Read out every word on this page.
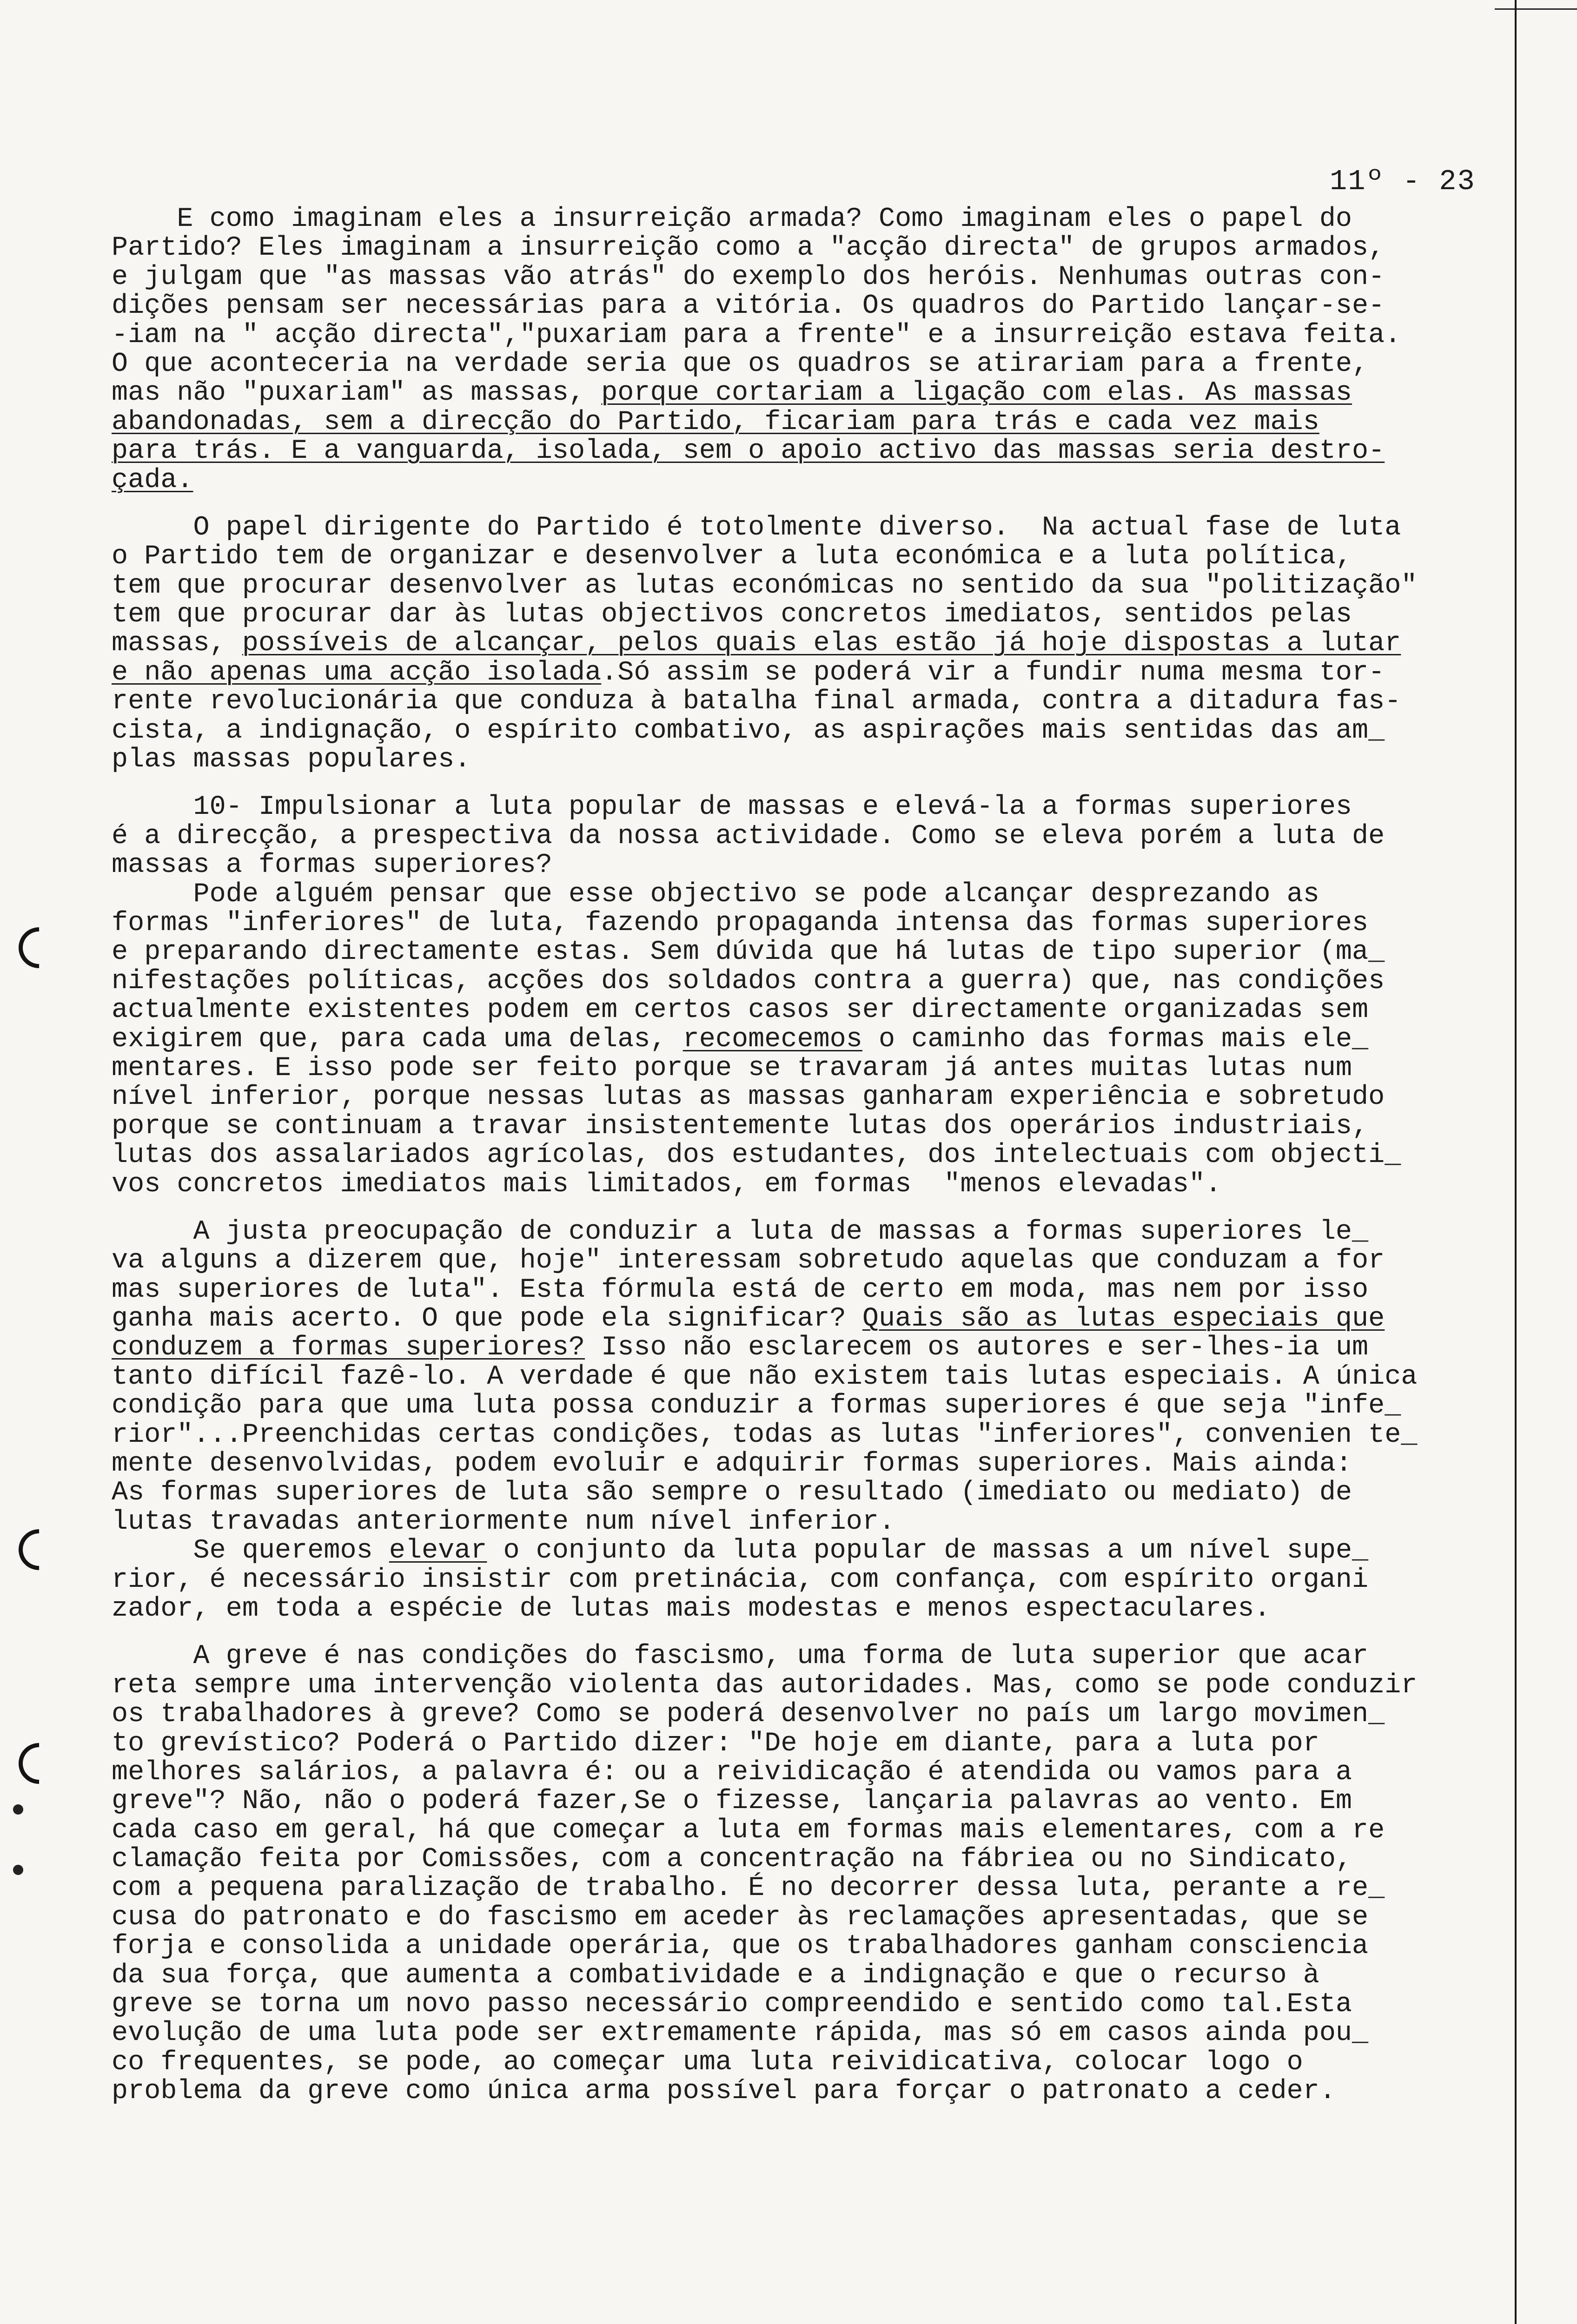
11º - 23
E como imaginam eles a insurreição armada? Como imaginam eles o papel do
Partido? Eles imaginam a insurreição como a "acção directa" de grupos armados,
e julgam que "as massas vão atrás" do exemplo dos heróis. Nenhumas outras con-
dições pensam ser necessárias para a vitória. Os quadros do Partido lançar-se-
-iam na " acção directa","puxariam para a frente" e a insurreição estava feita.
O que aconteceria na verdade seria que os quadros se atirariam para a frente,
mas não "puxariam" as massas, porque cortariam a ligação com elas. As massas
abandonadas, sem a direcção do Partido, ficariam para trás e cada vez mais
para trás. E a vanguarda, isolada, sem o apoio activo das massas seria destro-
çada.
O papel dirigente do Partido é totolmente diverso.  Na actual fase de luta
o Partido tem de organizar e desenvolver a luta económica e a luta política,
tem que procurar desenvolver as lutas económicas no sentido da sua "politização"
tem que procurar dar às lutas objectivos concretos imediatos, sentidos pelas
massas, possíveis de alcançar, pelos quais elas estão já hoje dispostas a lutar
e não apenas uma acção isolada.Só assim se poderá vir a fundir numa mesma tor-
rente revolucionária que conduza à batalha final armada, contra a ditadura fas-
cista, a indignação, o espírito combativo, as aspirações mais sentidas das am_
plas massas populares.
10- Impulsionar a luta popular de massas e elevá-la a formas superiores
é a direcção, a prespectiva da nossa actividade. Como se eleva porém a luta de
massas a formas superiores?
Pode alguém pensar que esse objectivo se pode alcançar desprezando as
formas "inferiores" de luta, fazendo propaganda intensa das formas superiores
e preparando directamente estas. Sem dúvida que há lutas de tipo superior (ma_
nifestações políticas, acções dos soldados contra a guerra) que, nas condições
actualmente existentes podem em certos casos ser directamente organizadas sem
exigirem que, para cada uma delas, recomecemos o caminho das formas mais ele_
mentares. E isso pode ser feito porque se travaram já antes muitas lutas num
nível inferior, porque nessas lutas as massas ganharam experiência e sobretudo
porque se continuam a travar insistentemente lutas dos operários industriais,
lutas dos assalariados agrícolas, dos estudantes, dos intelectuais com objecti_
vos concretos imediatos mais limitados, em formas  "menos elevadas".
A justa preocupação de conduzir a luta de massas a formas superiores le_
va alguns a dizerem que, hoje" interessam sobretudo aquelas que conduzam a for
mas superiores de luta". Esta fórmula está de certo em moda, mas nem por isso
ganha mais acerto. O que pode ela significar? Quais são as lutas especiais que
conduzem a formas superiores? Isso não esclarecem os autores e ser-lhes-ia um
tanto difícil fazê-lo. A verdade é que não existem tais lutas especiais. A única
condição para que uma luta possa conduzir a formas superiores é que seja "infe_
rior"...Preenchidas certas condições, todas as lutas "inferiores", convenien te_
mente desenvolvidas, podem evoluir e adquirir formas superiores. Mais ainda:
As formas superiores de luta são sempre o resultado (imediato ou mediato) de
lutas travadas anteriormente num nível inferior.
Se queremos elevar o conjunto da luta popular de massas a um nível supe_
rior, é necessário insistir com pretinácia, com confança, com espírito organi
zador, em toda a espécie de lutas mais modestas e menos espectaculares.
A greve é nas condições do fascismo, uma forma de luta superior que acar
reta sempre uma intervenção violenta das autoridades. Mas, como se pode conduzir
os trabalhadores à greve? Como se poderá desenvolver no país um largo movimen_
to grevístico? Poderá o Partido dizer: "De hoje em diante, para a luta por
melhores salários, a palavra é: ou a reividicação é atendida ou vamos para a
greve"? Não, não o poderá fazer,Se o fizesse, lançaria palavras ao vento. Em
cada caso em geral, há que começar a luta em formas mais elementares, com a re
clamação feita por Comissões, com a concentração na fábriea ou no Sindicato,
com a pequena paralização de trabalho. É no decorrer dessa luta, perante a re_
cusa do patronato e do fascismo em aceder às reclamações apresentadas, que se
forja e consolida a unidade operária, que os trabalhadores ganham consciencia
da sua força, que aumenta a combatividade e a indignação e que o recurso à
greve se torna um novo passo necessário compreendido e sentido como tal.Esta
evolução de uma luta pode ser extremamente rápida, mas só em casos ainda pou_
co frequentes, se pode, ao começar uma luta reividicativa, colocar logo o
problema da greve como única arma possível para forçar o patronato a ceder.
